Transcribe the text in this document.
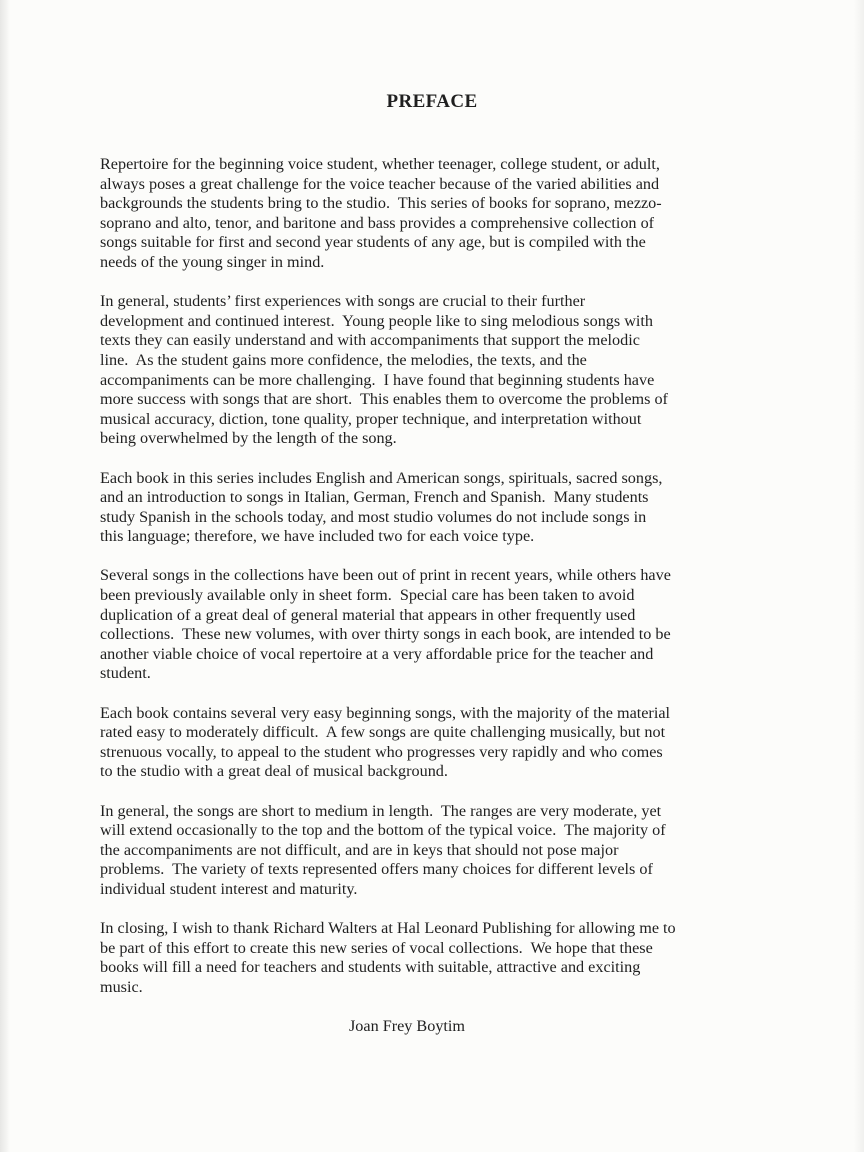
PREFACE

Repertoire for the beginning voice student, whether teenager, college student, or adult,
always poses a great challenge for the voice teacher because of the varied abilities and
backgrounds the students bring to the studio.  This series of books for soprano, mezzo-
soprano and alto, tenor, and baritone and bass provides a comprehensive collection of
songs suitable for first and second year students of any age, but is compiled with the
needs of the young singer in mind.

In general, students’ first experiences with songs are crucial to their further
development and continued interest.  Young people like to sing melodious songs with
texts they can easily understand and with accompaniments that support the melodic
line.  As the student gains more confidence, the melodies, the texts, and the
accompaniments can be more challenging.  I have found that beginning students have
more success with songs that are short.  This enables them to overcome the problems of
musical accuracy, diction, tone quality, proper technique, and interpretation without
being overwhelmed by the length of the song.

Each book in this series includes English and American songs, spirituals, sacred songs,
and an introduction to songs in Italian, German, French and Spanish.  Many students
study Spanish in the schools today, and most studio volumes do not include songs in
this language; therefore, we have included two for each voice type.

Several songs in the collections have been out of print in recent years, while others have
been previously available only in sheet form.  Special care has been taken to avoid
duplication of a great deal of general material that appears in other frequently used
collections.  These new volumes, with over thirty songs in each book, are intended to be
another viable choice of vocal repertoire at a very affordable price for the teacher and
student.

Each book contains several very easy beginning songs, with the majority of the material
rated easy to moderately difficult.  A few songs are quite challenging musically, but not
strenuous vocally, to appeal to the student who progresses very rapidly and who comes
to the studio with a great deal of musical background.

In general, the songs are short to medium in length.  The ranges are very moderate, yet
will extend occasionally to the top and the bottom of the typical voice.  The majority of
the accompaniments are not difficult, and are in keys that should not pose major
problems.  The variety of texts represented offers many choices for different levels of
individual student interest and maturity.

In closing, I wish to thank Richard Walters at Hal Leonard Publishing for allowing me to
be part of this effort to create this new series of vocal collections.  We hope that these
books will fill a need for teachers and students with suitable, attractive and exciting
music.

Joan Frey Boytim
